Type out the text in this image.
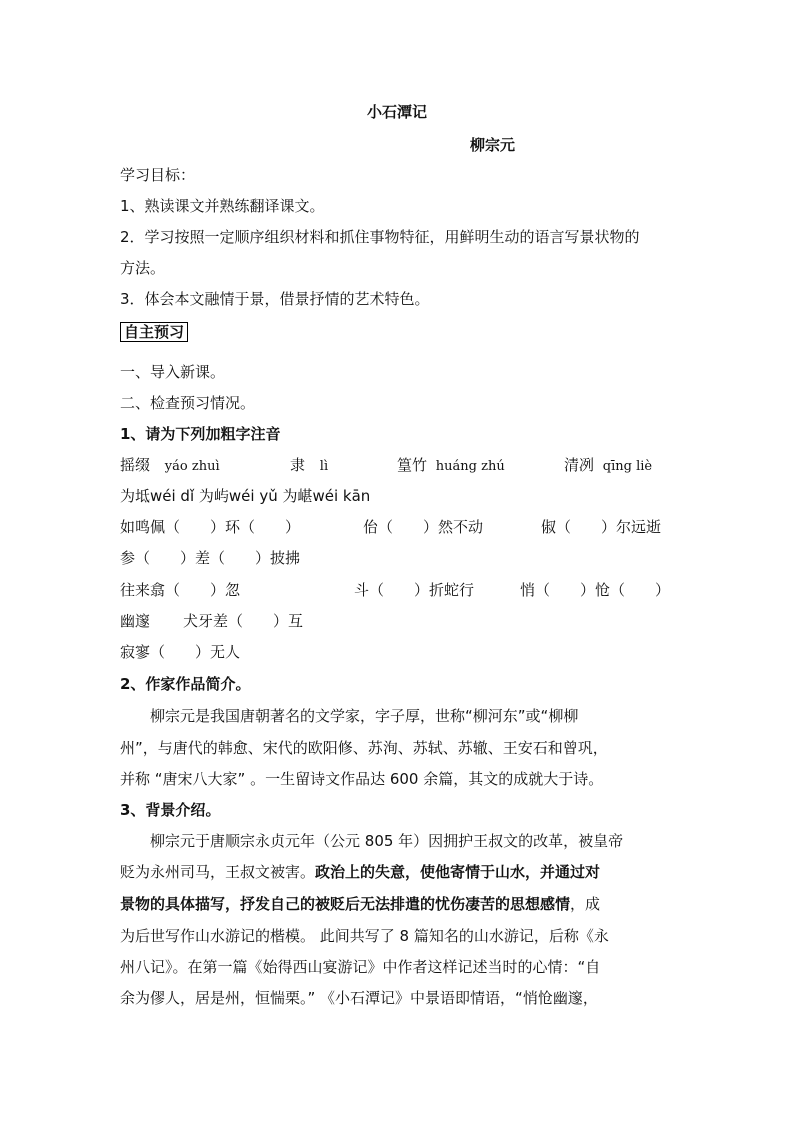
小石潭记
柳宗元
学习目标：
1、熟读课文并熟练翻译课文。
2．学习按照一定顺序组织材料和抓住事物特征，用鲜明生动的语言写景状物的
方法。
3．体会本文融情于景，借景抒情的艺术特色。
自主预习
一、导入新课。
二、检查预习情况。
1、请为下列加粗字注音
摇缀 yáo zhuì	隶 lì	篁竹 huáng zhú	清冽 qīng liè
为坻wéi dǐ 为屿wéi yǔ 为嵁wéi kān
如鸣佩（　　）环（　　）	佁（　　）然不动	俶（　　）尔远逝
参（　　）差（　　）披拂
往来翕（　　）忽	斗（　　）折蛇行	悄（　　）怆（　　）
幽邃 犬牙差（　　）互
寂寥（　　）无人
2、作家作品简介。
柳宗元是我国唐朝著名的文学家，字子厚，世称“柳河东”或“柳柳
州”，与唐代的韩愈、宋代的欧阳修、苏洵、苏轼、苏辙、王安石和曾巩，
并称 “唐宋八大家” 。一生留诗文作品达 600 余篇，其文的成就大于诗。
3、背景介绍。
柳宗元于唐顺宗永贞元年（公元 805 年）因拥护王叔文的改革，被皇帝
贬为永州司马，王叔文被害。政治上的失意，使他寄情于山水，并通过对
景物的具体描写，抒发自己的被贬后无法排遣的忧伤凄苦的思想感情，成
为后世写作山水游记的楷模。 此间共写了 8 篇知名的山水游记，后称《永
州八记》。在第一篇《始得西山宴游记》中作者这样记述当时的心情：“自
余为僇人，居是州，恒惴栗。” 《小石潭记》中景语即情语，“悄怆幽邃，
